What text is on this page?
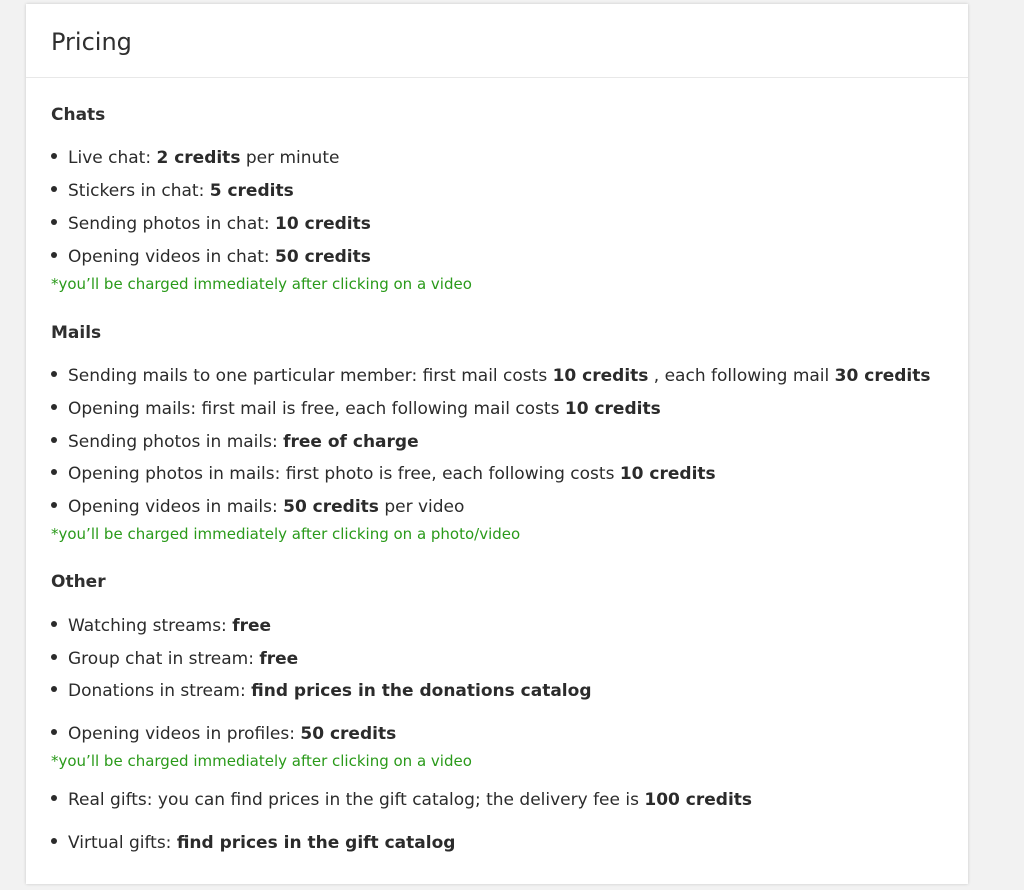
Pricing
Chats
Live chat: 2 credits per minute
Stickers in chat: 5 credits
Sending photos in chat: 10 credits
Opening videos in chat: 50 credits
*you’ll be charged immediately after clicking on a video
Mails
Sending mails to one particular member: first mail costs 10 credits , each following mail 30 credits
Opening mails: first mail is free, each following mail costs 10 credits
Sending photos in mails: free of charge
Opening photos in mails: first photo is free, each following costs 10 credits
Opening videos in mails: 50 credits per video
*you’ll be charged immediately after clicking on a photo/video
Other
Watching streams: free
Group chat in stream: free
Donations in stream: find prices in the donations catalog
Opening videos in profiles: 50 credits
*you’ll be charged immediately after clicking on a video
Real gifts: you can find prices in the gift catalog; the delivery fee is 100 credits
Virtual gifts: find prices in the gift catalog
